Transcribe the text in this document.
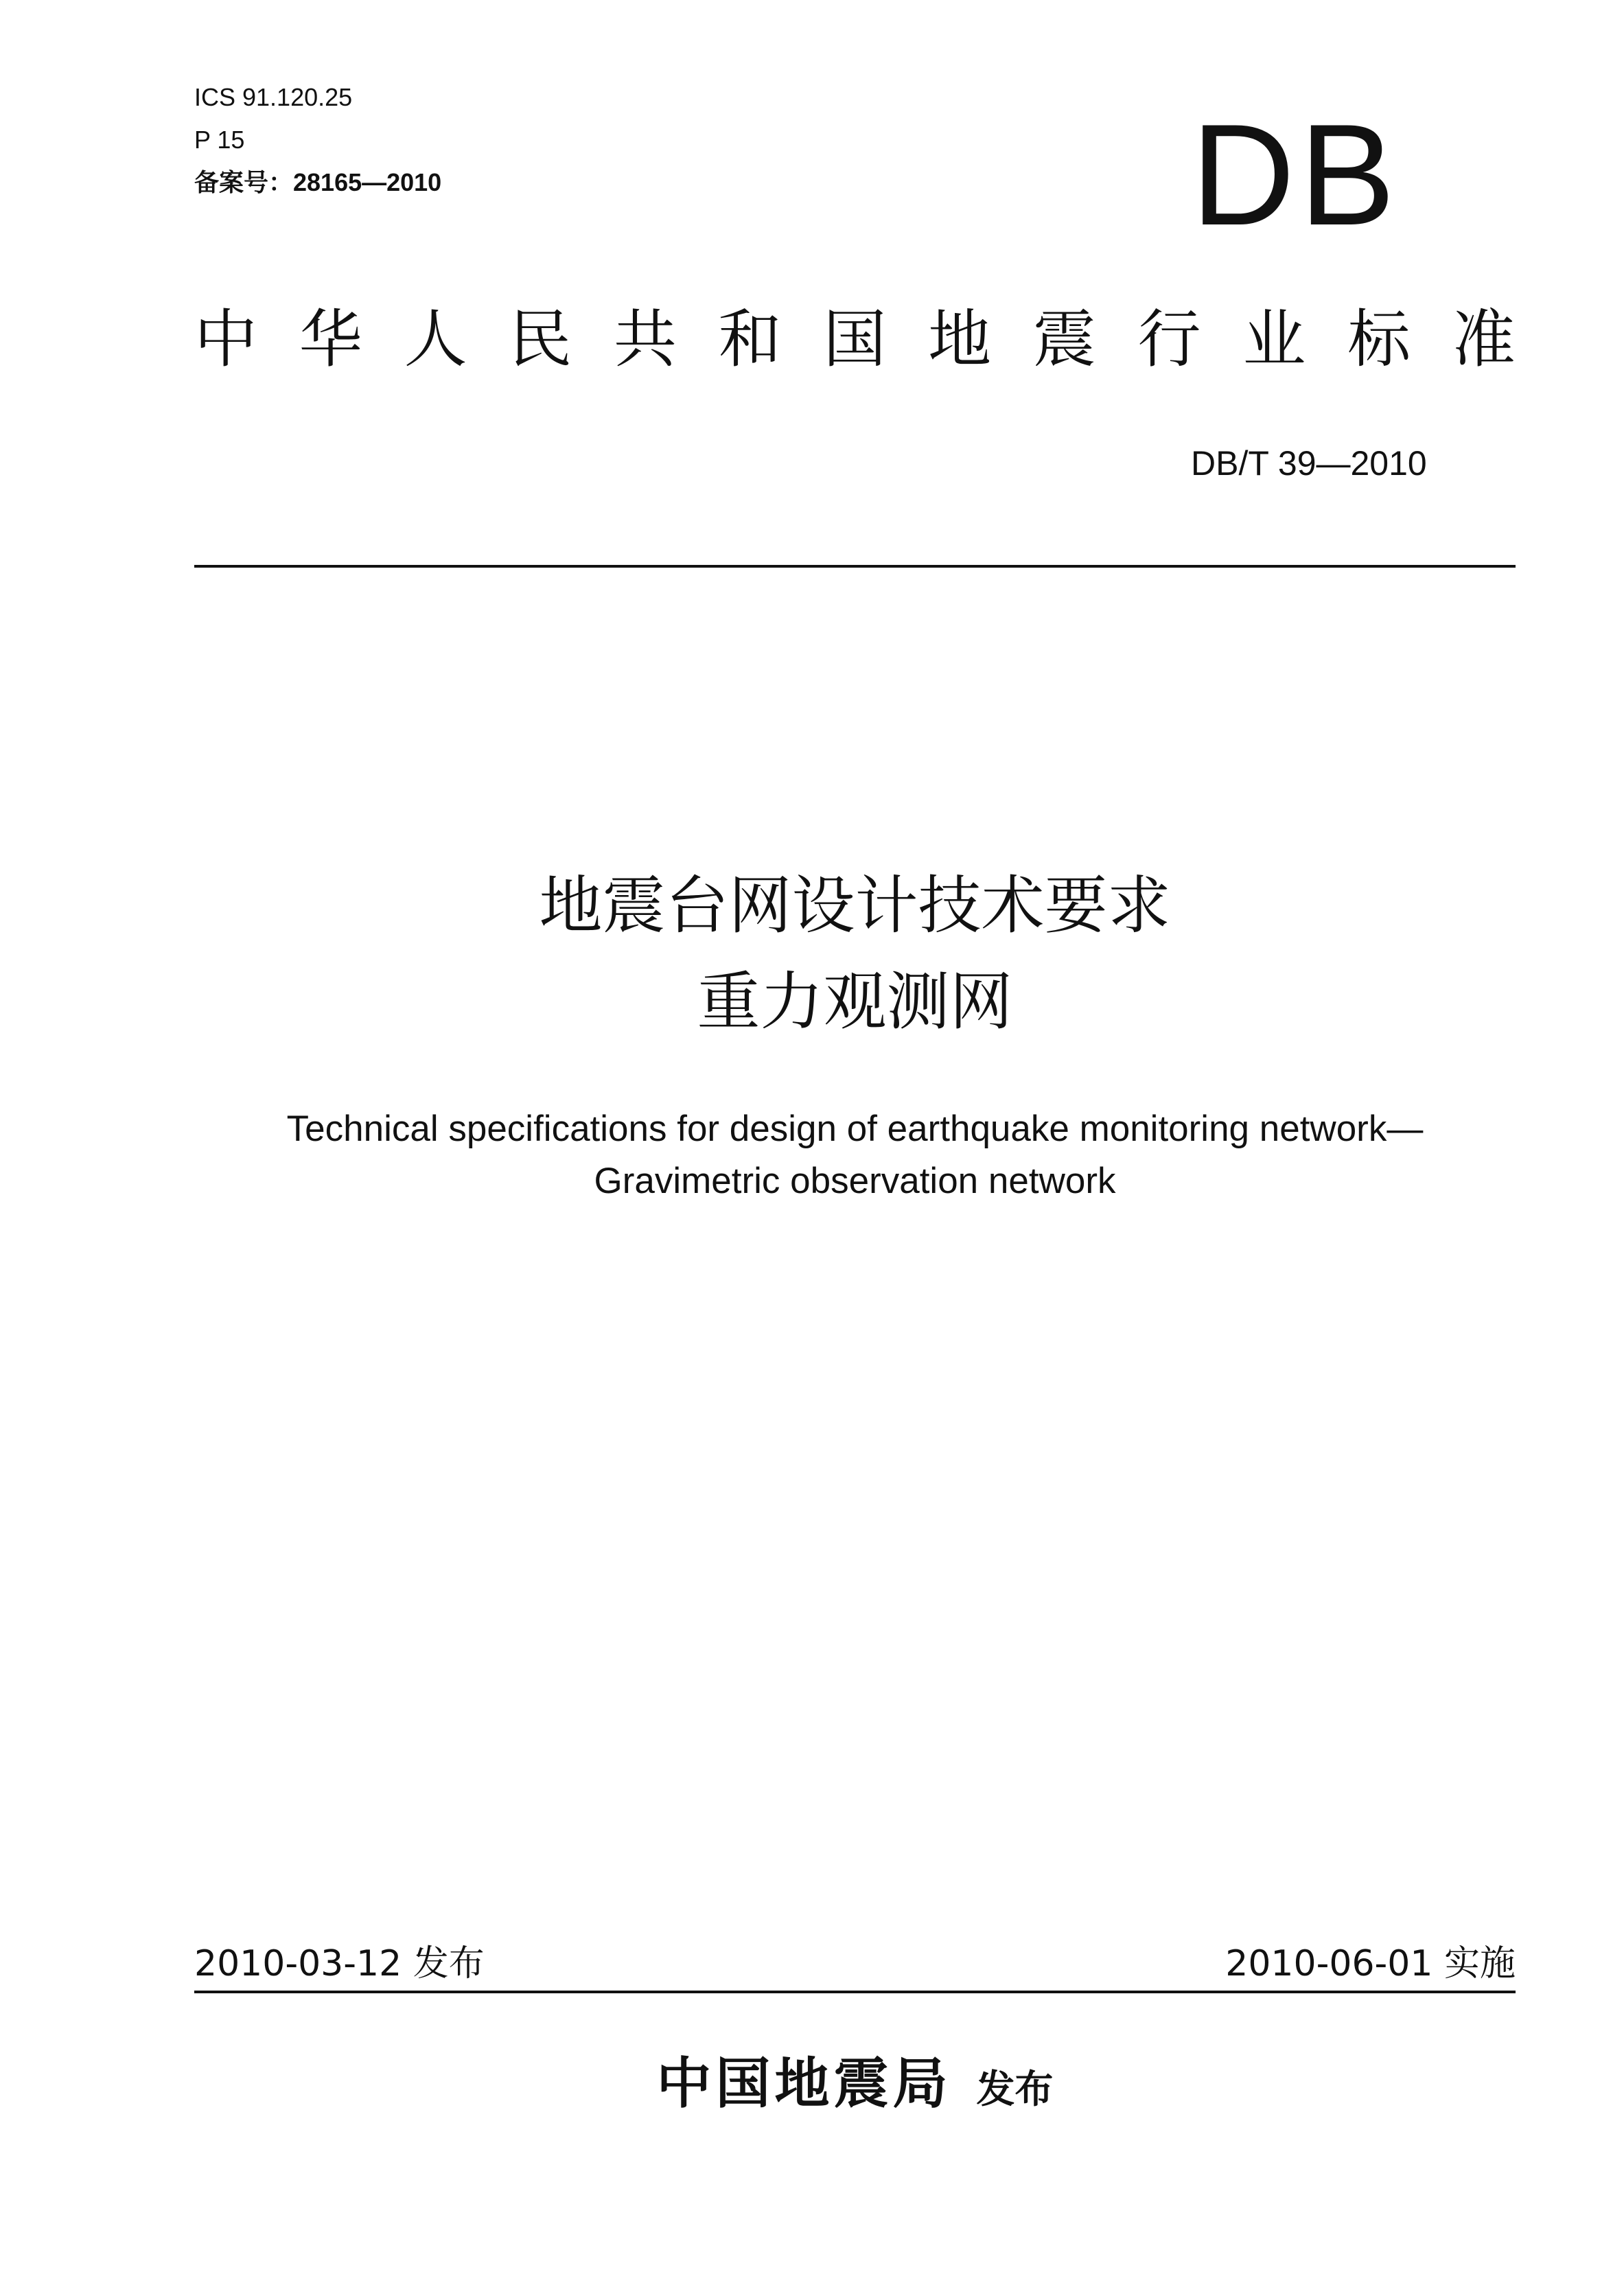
ICS 91.120.25
P 15
备案号：28165—2010	DB
中 华 人 民 共 和 国 地 震 行 业 标 准
DB/T 39—2010
地震台网设计技术要求
重力观测网
Technical specifications for design of earthquake monitoring network—
Gravimetric observation network
2010-03-12 发布	2010-06-01 实施
中国地震局 发布
